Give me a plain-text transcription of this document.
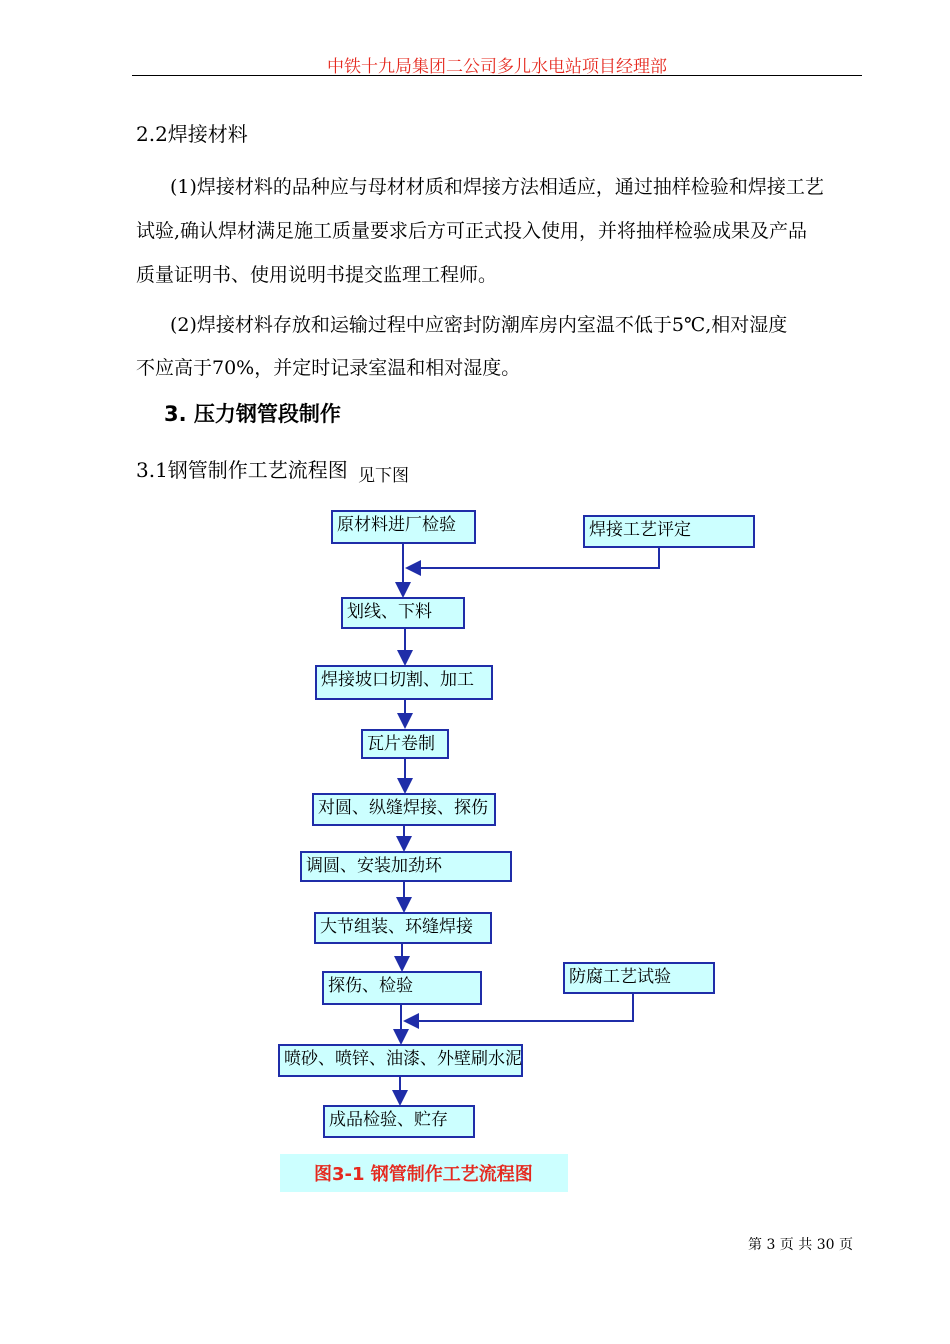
中铁十九局集团二公司多儿水电站项目经理部
2.2焊接材料
(1)焊接材料的品种应与母材材质和焊接方法相适应，通过抽样检验和焊接工艺
试验,确认焊材满足施工质量要求后方可正式投入使用，并将抽样检验成果及产品
质量证明书、使用说明书提交监理工程师。
(2)焊接材料存放和运输过程中应密封防潮库房内室温不低于5℃,相对湿度
不应高于70%，并定时记录室温和相对湿度。
3. 压力钢管段制作
3.1钢管制作工艺流程图 见下图
原材料进厂检验	焊接工艺评定
划线、下料
焊接坡口切割、加工
瓦片卷制
对圆、纵缝焊接、探伤
调圆、安装加劲环
大节组装、环缝焊接
探伤、检验	防腐工艺试验
喷砂、喷锌、油漆、外壁刷水泥
成品检验、贮存
图3-1 钢管制作工艺流程图
第 3 页 共 30 页
